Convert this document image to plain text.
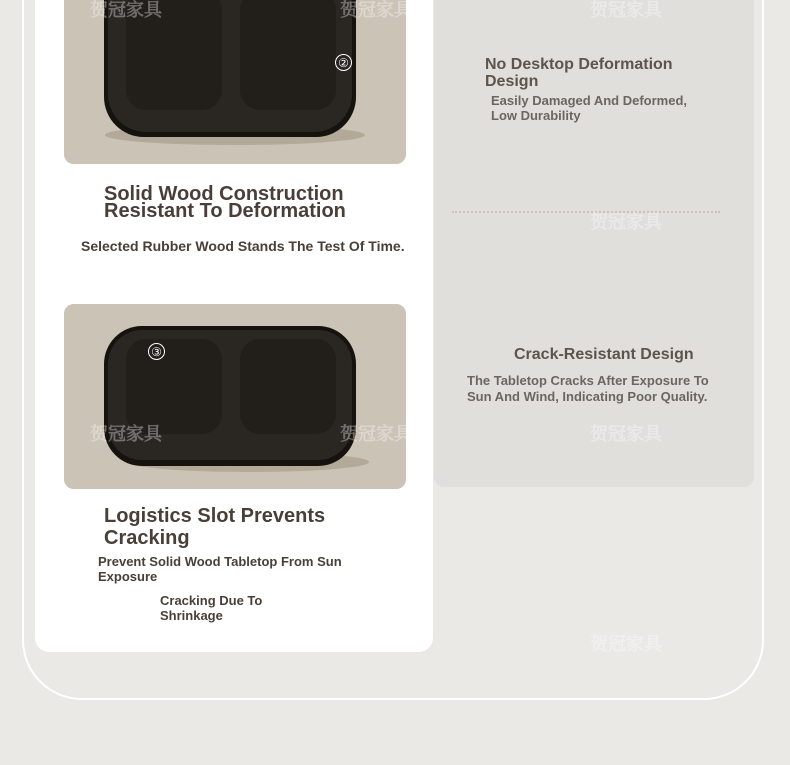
②
Solid Wood Construction
Resistant To Deformation
Selected Rubber Wood Stands The Test Of Time.
③
Logistics Slot Prevents
Cracking
Prevent Solid Wood Tabletop From Sun
Exposure
Cracking Due To
Shrinkage
No Desktop Deformation
Design
Easily Damaged And Deformed,
Low Durability
Crack-Resistant Design
The Tabletop Cracks After Exposure To
Sun And Wind, Indicating Poor Quality.
贺冠家具	贺冠家具	贺冠家具
贺冠家具
贺冠家具	贺冠家具	贺冠家具
贺冠家具
